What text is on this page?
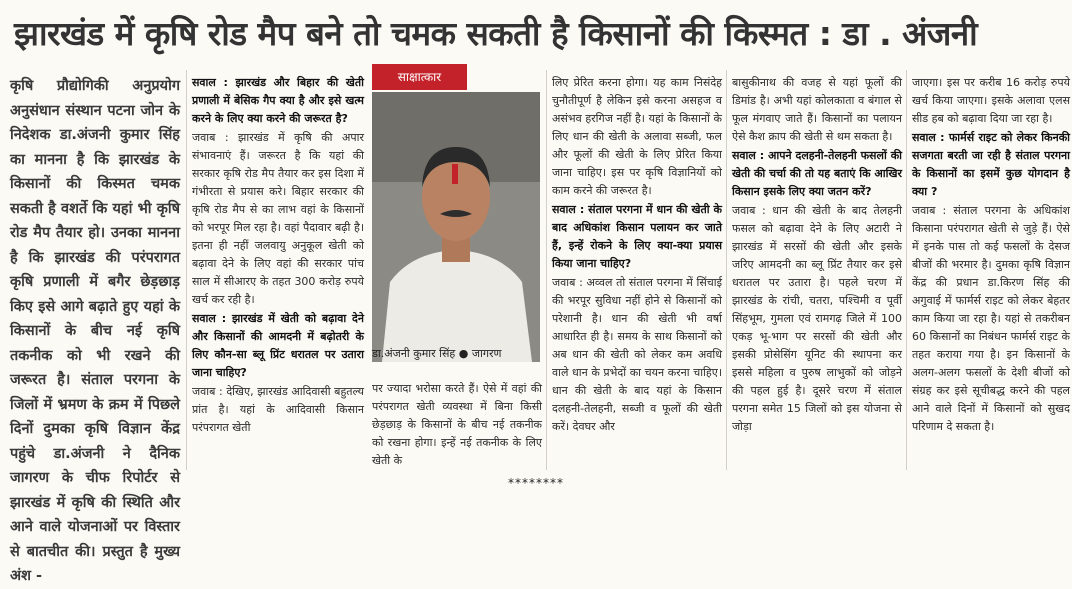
झारखंड में कृषि रोड मैप बने तो चमक सकती है किसानों की किस्मत : डा . अंजनी

कृषि प्रौद्योगिकी अनुप्रयोग अनुसंधान संस्थान पटना जोन के निदेशक डा.अंजनी कुमार सिंह का मानना है कि झारखंड के किसानों की किस्मत चमक सकती है वशर्ते कि यहां भी कृषि रोड मैप तैयार हो। उनका मानना है कि झारखंड की परंपरागत कृषि प्रणाली में बगैर छेड़छाड़ किए इसे आगे बढ़ाते हुए यहां के किसानों के बीच नई कृषि तकनीक को भी रखने की जरूरत है। संताल परगना के जिलों में भ्रमण के क्रम में पिछले दिनों दुमका कृषि विज्ञान केंद्र पहुंचे डा.अंजनी ने दैनिक जागरण के चीफ रिपोर्टर से झारखंड में कृषि की स्थिति और आने वाले योजनाओं पर विस्तार से बातचीत की। प्रस्तुत है मुख्य अंश -

सवाल : झारखंड और बिहार की खेती प्रणाली में बेसिक गैप क्या है और इसे खत्म करने के लिए क्या करने की जरूरत है?

जवाब : झारखंड में कृषि की अपार संभावनाएं हैं। जरूरत है कि यहां की सरकार कृषि रोड मैप तैयार कर इस दिशा में गंभीरता से प्रयास करे। बिहार सरकार की कृषि रोड मैप से का लाभ वहां के किसानों को भरपूर मिल रहा है। वहां पैदावार बढ़ी है। इतना ही नहीं जलवायु अनुकूल खेती को बढ़ावा देने के लिए वहां की सरकार पांच साल में सीआरए के तहत 300 करोड़ रुपये खर्च कर रही है।

सवाल : झारखंड में खेती को बढ़ावा देने और किसानों की आमदनी में बढ़ोतरी के लिए कौन-सा ब्लू प्रिंट धरातल पर उतारा जाना चाहिए?

जवाब : देखिए, झारखंड आदिवासी बहुतल्य प्रांत है। यहां के आदिवासी किसान परंपरागत खेती

साक्षात्कार
डा.अंजनी कुमार सिंह ● जागरण

पर ज्यादा भरोसा करते हैं। ऐसे में वहां की परंपरागत खेती व्यवस्था में बिना किसी छेड़छाड़ के किसानों के बीच नई तकनीक को रखना होगा। इन्हें नई तकनीक के लिए खेती के

लिए प्रेरित करना होगा। यह काम निसंदेह चुनौतीपूर्ण है लेकिन इसे करना असहज व असंभव हरगिज नहीं है। यहां के किसानों के लिए धान की खेती के अलावा सब्जी, फल और फूलों की खेती के लिए प्रेरित किया जाना चाहिए। इस पर कृषि विज्ञानियों को काम करने की जरूरत है।

सवाल : संताल परगना में धान की खेती के बाद अधिकांश किसान पलायन कर जाते हैं, इन्हें रोकने के लिए क्या-क्या प्रयास किया जाना चाहिए?

जवाब : अव्वल तो संताल परगना में सिंचाई की भरपूर सुविधा नहीं होने से किसानों को परेशानी है। धान की खेती भी वर्षा आधारित ही है। समय के साथ किसानों को अब धान की खेती को लेकर कम अवधि वाले धान के प्रभेदों का चयन करना चाहिए। धान की खेती के बाद यहां के किसान दलहनी-तेलहनी, सब्जी व फूलों की खेती करें। देवघर और

बासुकीनाथ की वजह से यहां फूलों की डिमांड है। अभी यहां कोलकाता व बंगाल से फूल मंगवाए जाते हैं। किसानों का पलायन ऐसे कैश क्राप की खेती से थम सकता है।

सवाल : आपने दलहनी-तेलहनी फसलों की खेती की चर्चा की तो यह बताएं कि आखिर किसान इसके लिए क्या जतन करें?

जवाब : धान की खेती के बाद तेलहनी फसल को बढ़ावा देने के लिए अटारी ने झारखंड में सरसों की खेती और इसके जरिए आमदनी का ब्लू प्रिंट तैयार कर इसे धरातल पर उतारा है। पहले चरण में झारखंड के रांची, चतरा, पश्चिमी व पूर्वी सिंहभूम, गुमला एवं रामगढ़ जिले में 100 एकड़ भू-भाग पर सरसों की खेती और इसकी प्रोसेसिंग यूनिट की स्थापना कर इससे महिला व पुरुष लाभुकों को जोड़ने की पहल हुई है। दूसरे चरण में संताल परगना समेत 15 जिलों को इस योजना से जोड़ा

जाएगा। इस पर करीब 16 करोड़ रुपये खर्च किया जाएगा। इसके अलावा एलस सीड हब को बढ़ावा दिया जा रहा है।

सवाल : फार्मर्स राइट को लेकर किनकी सजगता बरती जा रही है संताल परगना के किसानों का इसमें कुछ योगदान है क्या ?

जवाब : संताल परगना के अधिकांश किसाना परंपरागत खेती से जुड़े हैं। ऐसे में इनके पास तो कई फसलों के देसज बीजों की भरमार है। दुमका कृषि विज्ञान केंद्र की प्रधान डा.किरण सिंह की अगुवाई में फार्मर्स राइट को लेकर बेहतर काम किया जा रहा है। यहां से तकरीबन 60 किसानों का निबंधन फार्मर्स राइट के तहत कराया गया है। इन किसानों के अलग-अलग फसलों के देशी बीजों को संग्रह कर इसे सूचीबद्ध करने की पहल आने वाले दिनों में किसानों को सुखद परिणाम दे सकता है।

********
